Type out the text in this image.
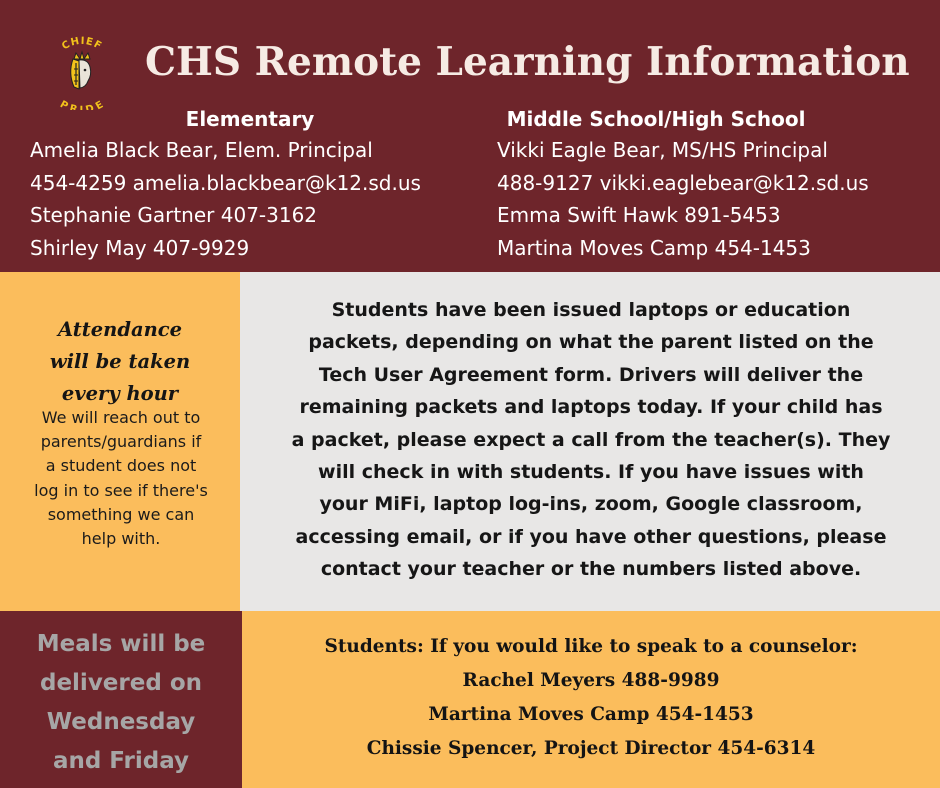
CHIEF
PR DE
CHS Remote Learning Information
Elementary
Amelia Black Bear, Elem. Principal
454-4259 amelia.blackbear@k12.sd.us
Stephanie Gartner 407-3162
Shirley May 407-9929
Middle School/High School
Vikki Eagle Bear, MS/HS Principal
488-9127 vikki.eaglebear@k12.sd.us
Emma Swift Hawk 891-5453
Martina Moves Camp 454-1453
Attendance
will be taken
every hour
We will reach out to
parents/guardians if
a student does not
log in to see if there's
something we can
help with.
Students have been issued laptops or education
packets, depending on what the parent listed on the
Tech User Agreement form. Drivers will deliver the
remaining packets and laptops today. If your child has
a packet, please expect a call from the teacher(s). They
will check in with students. If you have issues with
your MiFi, laptop log-ins, zoom, Google classroom,
accessing email, or if you have other questions, please
contact your teacher or the numbers listed above.
Meals will be
delivered on
Wednesday
and Friday
Students: If you would like to speak to a counselor:
Rachel Meyers 488-9989
Martina Moves Camp 454-1453
Chissie Spencer, Project Director 454-6314
